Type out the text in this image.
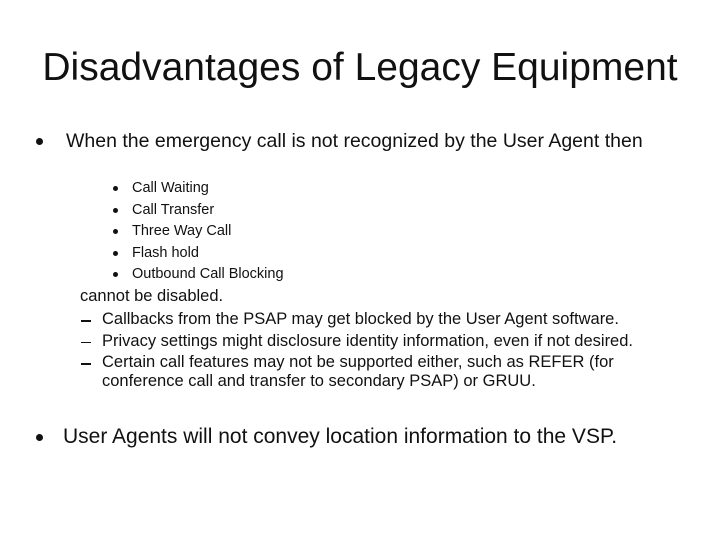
Disadvantages of Legacy Equipment
When the emergency call is not recognized by the User Agent then
Call Waiting
Call Transfer
Three Way Call
Flash hold
Outbound Call Blocking
cannot be disabled.
Callbacks from the PSAP may get blocked by the User Agent software.
Privacy settings might disclosure identity information, even if not desired.
Certain call features may not be supported either, such as REFER (for conference call and transfer to secondary PSAP) or GRUU.
User Agents will not convey location information to the VSP.
